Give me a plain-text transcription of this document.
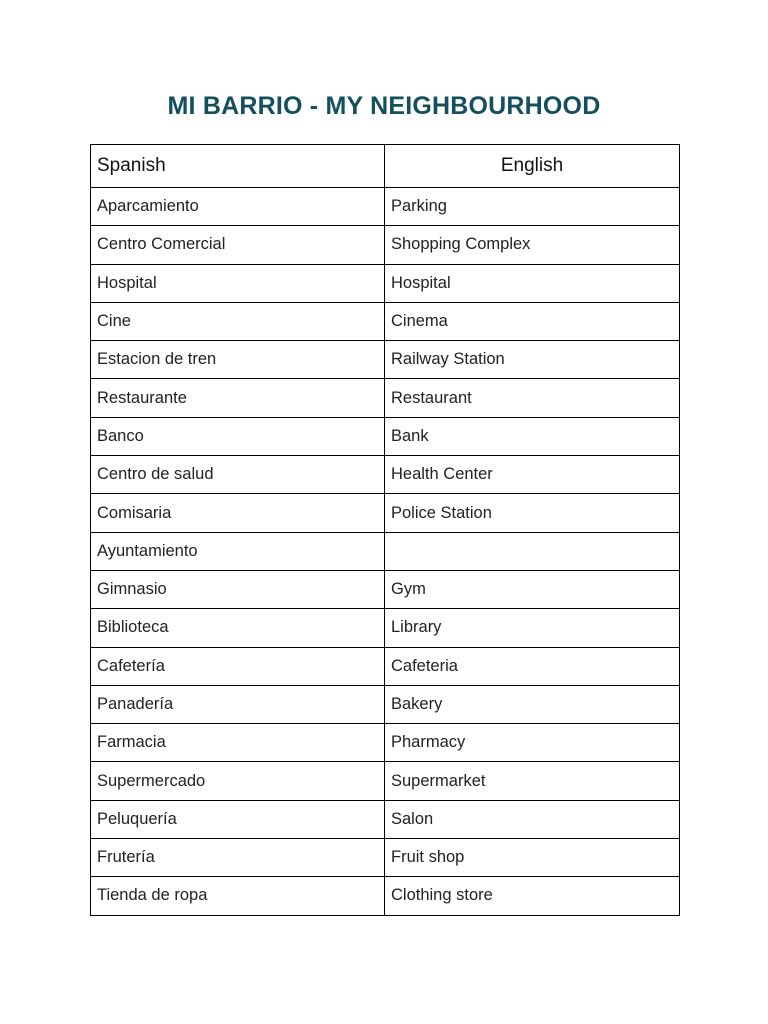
MI BARRIO - MY NEIGHBOURHOOD
Spanish	English
Aparcamiento	Parking
Centro Comercial	Shopping Complex
Hospital	Hospital
Cine	Cinema
Estacion de tren	Railway Station
Restaurante	Restaurant
Banco	Bank
Centro de salud	Health Center
Comisaria	Police Station
Ayuntamiento	
Gimnasio	Gym
Biblioteca	Library
Cafetería	Cafeteria
Panadería	Bakery
Farmacia	Pharmacy
Supermercado	Supermarket
Peluquería	Salon
Frutería	Fruit shop
Tienda de ropa	Clothing store
